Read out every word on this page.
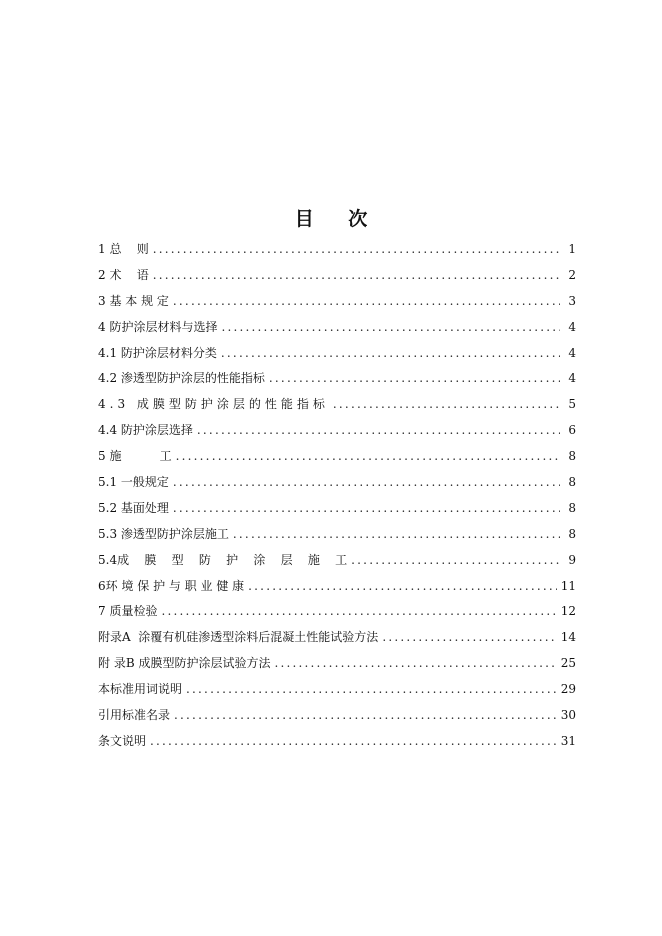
目 次
1 总    则 .....	1
2 术    语 .....	2
3 基 本 规 定 .....	3
4 防护涂层材料与选择 .....	4
4.1 防护涂层材料分类 .....	4
4.2 渗透型防护涂层的性能指标 .....	4
4.3 成膜型防护涂层的性能指标 .....	5
4.4 防护涂层选择 .....	6
5 施          工 .....	8
5.1 一般规定 .....	8
5.2 基面处理 .....	8
5.3 渗透型防护涂层施工 .....	8
5.4成    膜    型    防    护    涂    层    施    工 .....	9
6环 境 保 护 与 职 业 健 康 .....	11
7 质量检验 .....	12
附录A  涂覆有机硅渗透型涂料后混凝土性能试验方法 .....	14
附 录B 成膜型防护涂层试验方法 .....	25
本标准用词说明 .....	29
引用标准名录 .....	30
条文说明 .....	31
